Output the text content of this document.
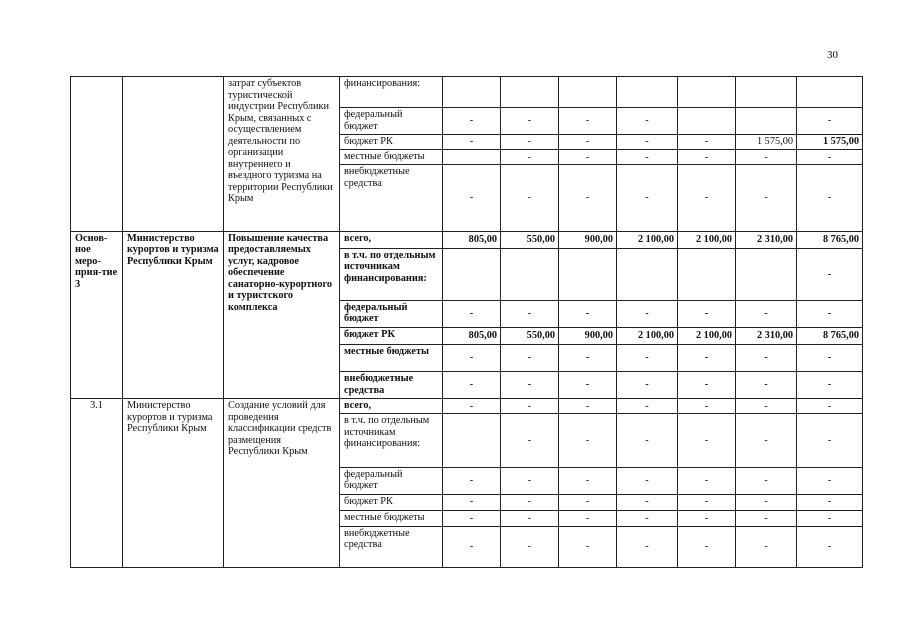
30
		затрат субъектов туристической индустрии Республики Крым, связанных с осуществлением деятельности по организации внутреннего и въездного туризма на территории Республики Крым	финансирования:							
			федеральный бюджет	-	-	-	-			-
			бюджет РК	-	-	-	-	-	1 575,00	1 575,00
			местные бюджеты		-	-	-	-	-	-
			внебюджетные средства	-	-	-	-	-	-	-
Основ-ное меро-прия-тие 3	Министерство курортов и туризма Республики Крым	Повышение качества предоставляемых услуг, кадровое обеспечение санаторно-курортного и туристского комплекса	всего,	805,00	550,00	900,00	2 100,00	2 100,00	2 310,00	8 765,00
			в т.ч. по отдельным источникам финансирования:							-
			федеральный бюджет	-	-	-	-	-	-	-
			бюджет РК	805,00	550,00	900,00	2 100,00	2 100,00	2 310,00	8 765,00
			местные бюджеты	-	-	-	-	-	-	-
			внебюджетные средства	-	-	-	-	-	-	-
3.1	Министерство курортов и туризма Республики Крым	Создание условий для проведения классификации средств размещения Республики Крым	всего,	-	-	-	-	-	-	-
			в т.ч. по отдельным источникам финансирования:		-	-	-	-	-	-
			федеральный бюджет	-	-	-	-	-	-	-
			бюджет РК	-	-	-	-	-	-	-
			местные бюджеты	-	-	-	-	-	-	-
			внебюджетные средства	-	-	-	-	-	-	-
